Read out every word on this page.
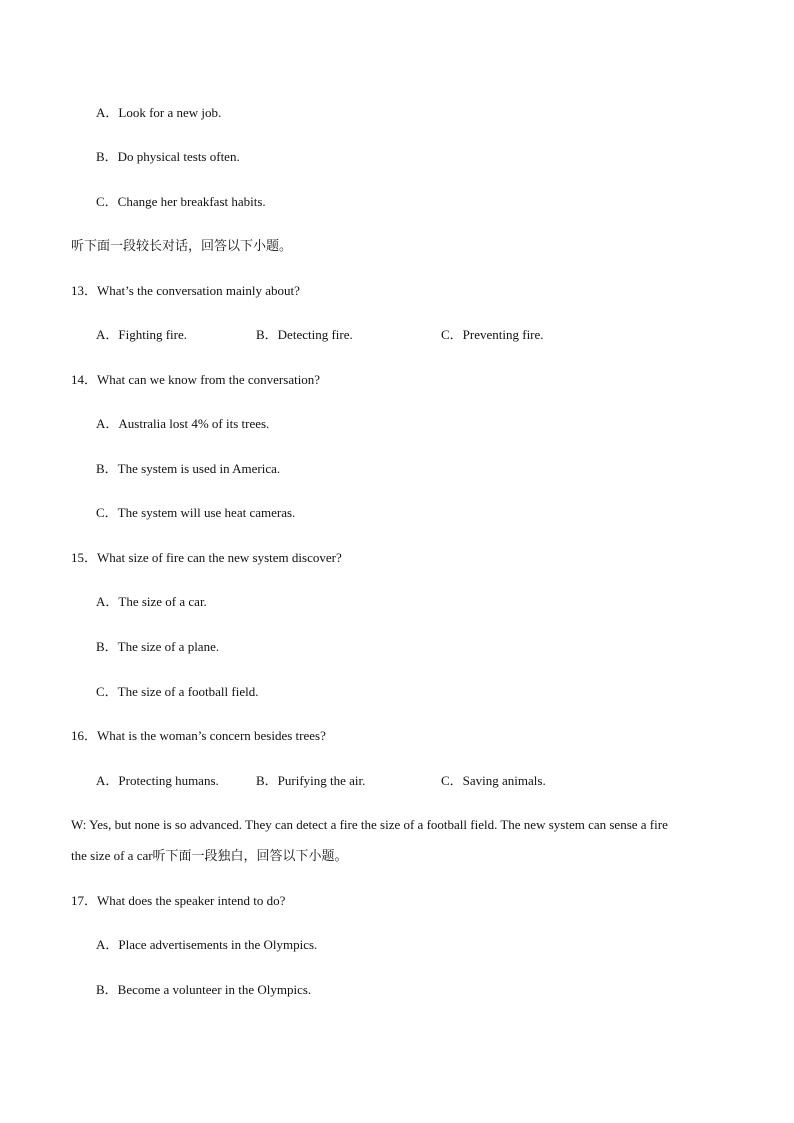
A．Look for a new job.
B．Do physical tests often.
C．Change her breakfast habits.
听下面一段较长对话，回答以下小题。
13．What’s the conversation mainly about?
A．Fighting fire.	B．Detecting fire.	C．Preventing fire.
14．What can we know from the conversation?
A．Australia lost 4% of its trees.
B．The system is used in America.
C．The system will use heat cameras.
15．What size of fire can the new system discover?
A．The size of a car.
B．The size of a plane.
C．The size of a football field.
16．What is the woman’s concern besides trees?
A．Protecting humans.	B．Purifying the air.	C．Saving animals.
W: Yes, but none is so advanced. They can detect a fire the size of a football field. The new system can sense a fire
the size of a car听下面一段独白，回答以下小题。
17．What does the speaker intend to do?
A．Place advertisements in the Olympics.
B．Become a volunteer in the Olympics.
